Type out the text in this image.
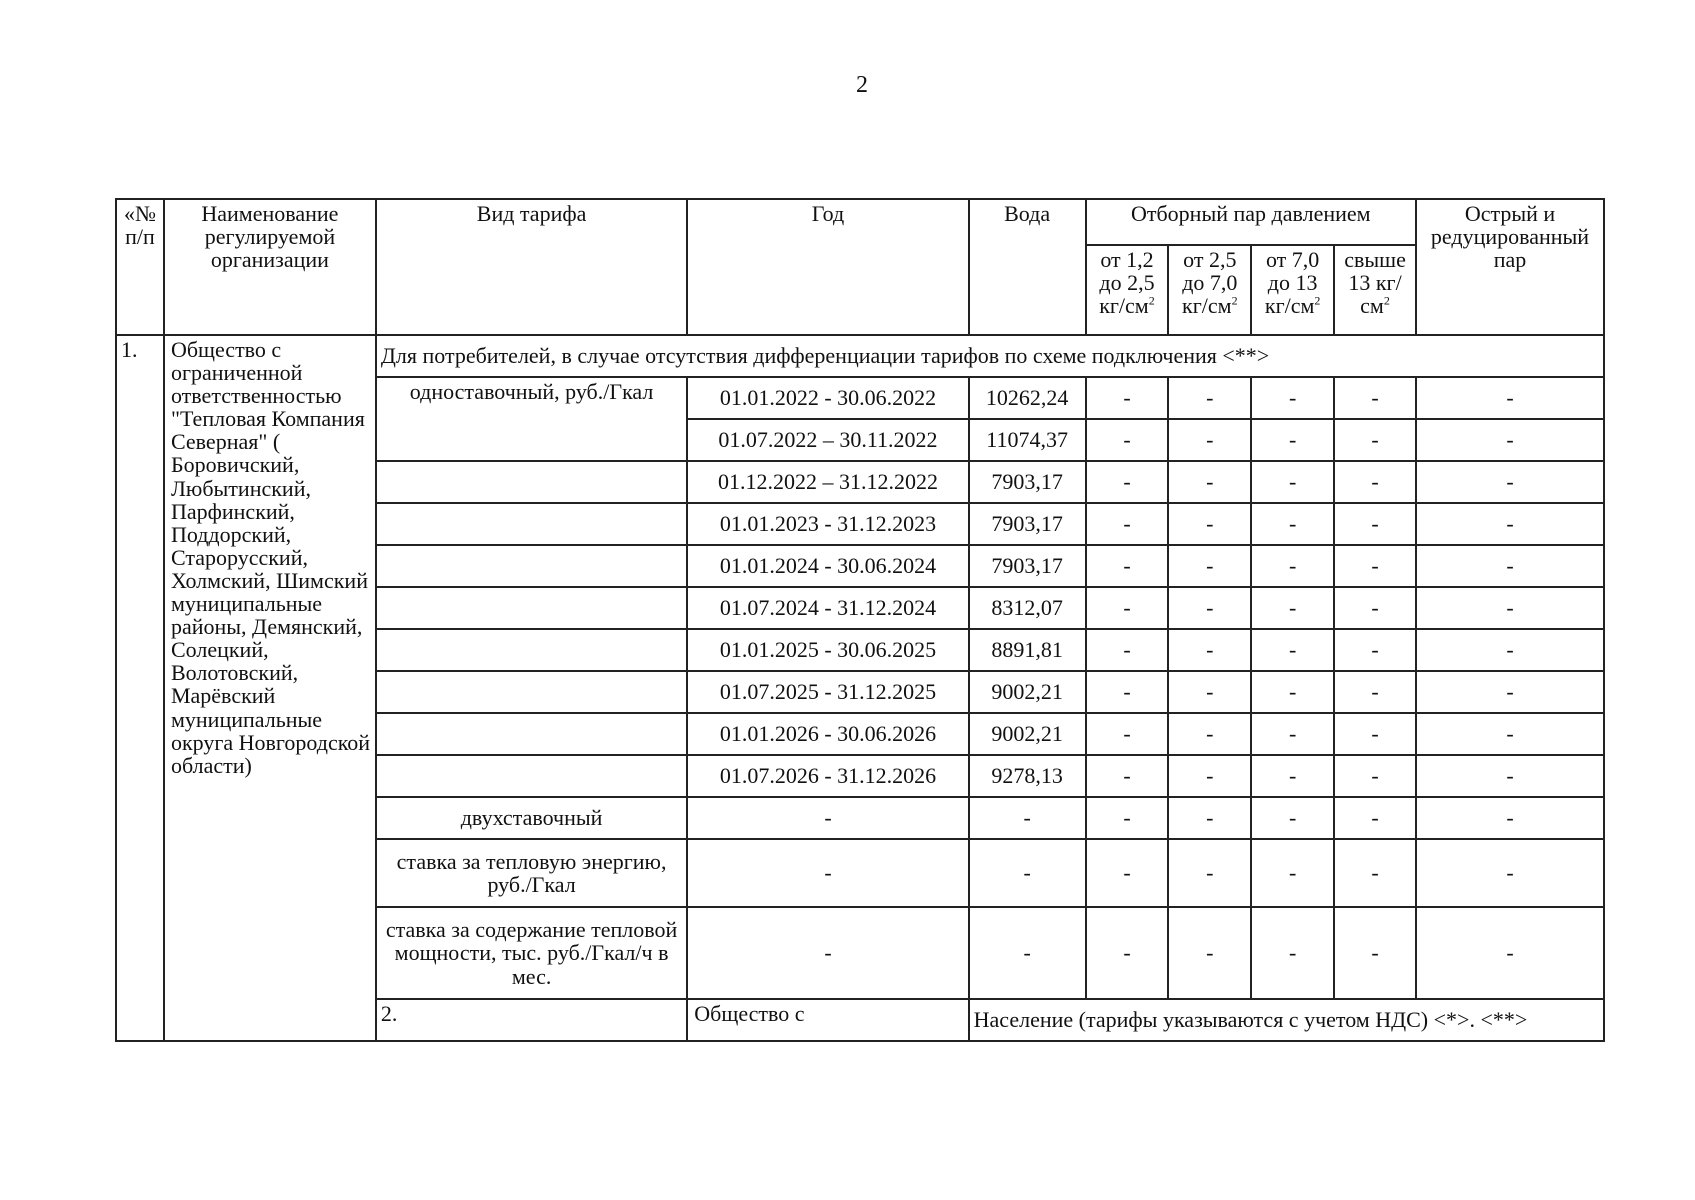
2
«№ п/п	Наименование регулируемой организации	Вид тарифа	Год	Вода	Отборный пар давлением				Острый и редуцированный пар
					от 1,2 до 2,5 $кг/см^2$	от 2,5 до 7,0 $кг/см^2$	от 7,0 до 13 $кг/см^2$	свыше 13 $кг/см^2$
1.	Общество с ограниченной ответственностью "Тепловая Компания Северная" ( Боровичский, Любытинский, Парфинский, Поддорский, Старорусский, Холмский, Шимский муниципальные районы, Демянский, Солецкий, Волотовский, Марёвский муниципальные округа Новгородской области)	Для потребителей, в случае отсутствия дифференциации тарифов по схеме подключения <**>							
		одноставочный, руб./Гкал	01.01.2022 - 30.06.2022	10262,24	-	-	-	-	-
			01.07.2022 – 30.11.2022	11074,37	-	-	-	-	-
			01.12.2022 – 31.12.2022	7903,17	-	-	-	-	-
			01.01.2023 - 31.12.2023	7903,17	-	-	-	-	-
			01.01.2024 - 30.06.2024	7903,17	-	-	-	-	-
			01.07.2024 - 31.12.2024	8312,07	-	-	-	-	-
			01.01.2025 - 30.06.2025	8891,81	-	-	-	-	-
			01.07.2025 - 31.12.2025	9002,21	-	-	-	-	-
			01.01.2026 - 30.06.2026	9002,21	-	-	-	-	-
			01.07.2026 - 31.12.2026	9278,13	-	-	-	-	-
		двухставочный	-	-	-	-	-	-	-
		ставка за тепловую энергию, руб./Гкал	-	-	-	-	-	-	-
		ставка за содержание тепловой мощности, тыс. руб./Гкал/ч в мес.	-	-	-	-	-	-	-
		2.	Общество с	Население (тарифы указываются с учетом НДС) <*>. <**>					
